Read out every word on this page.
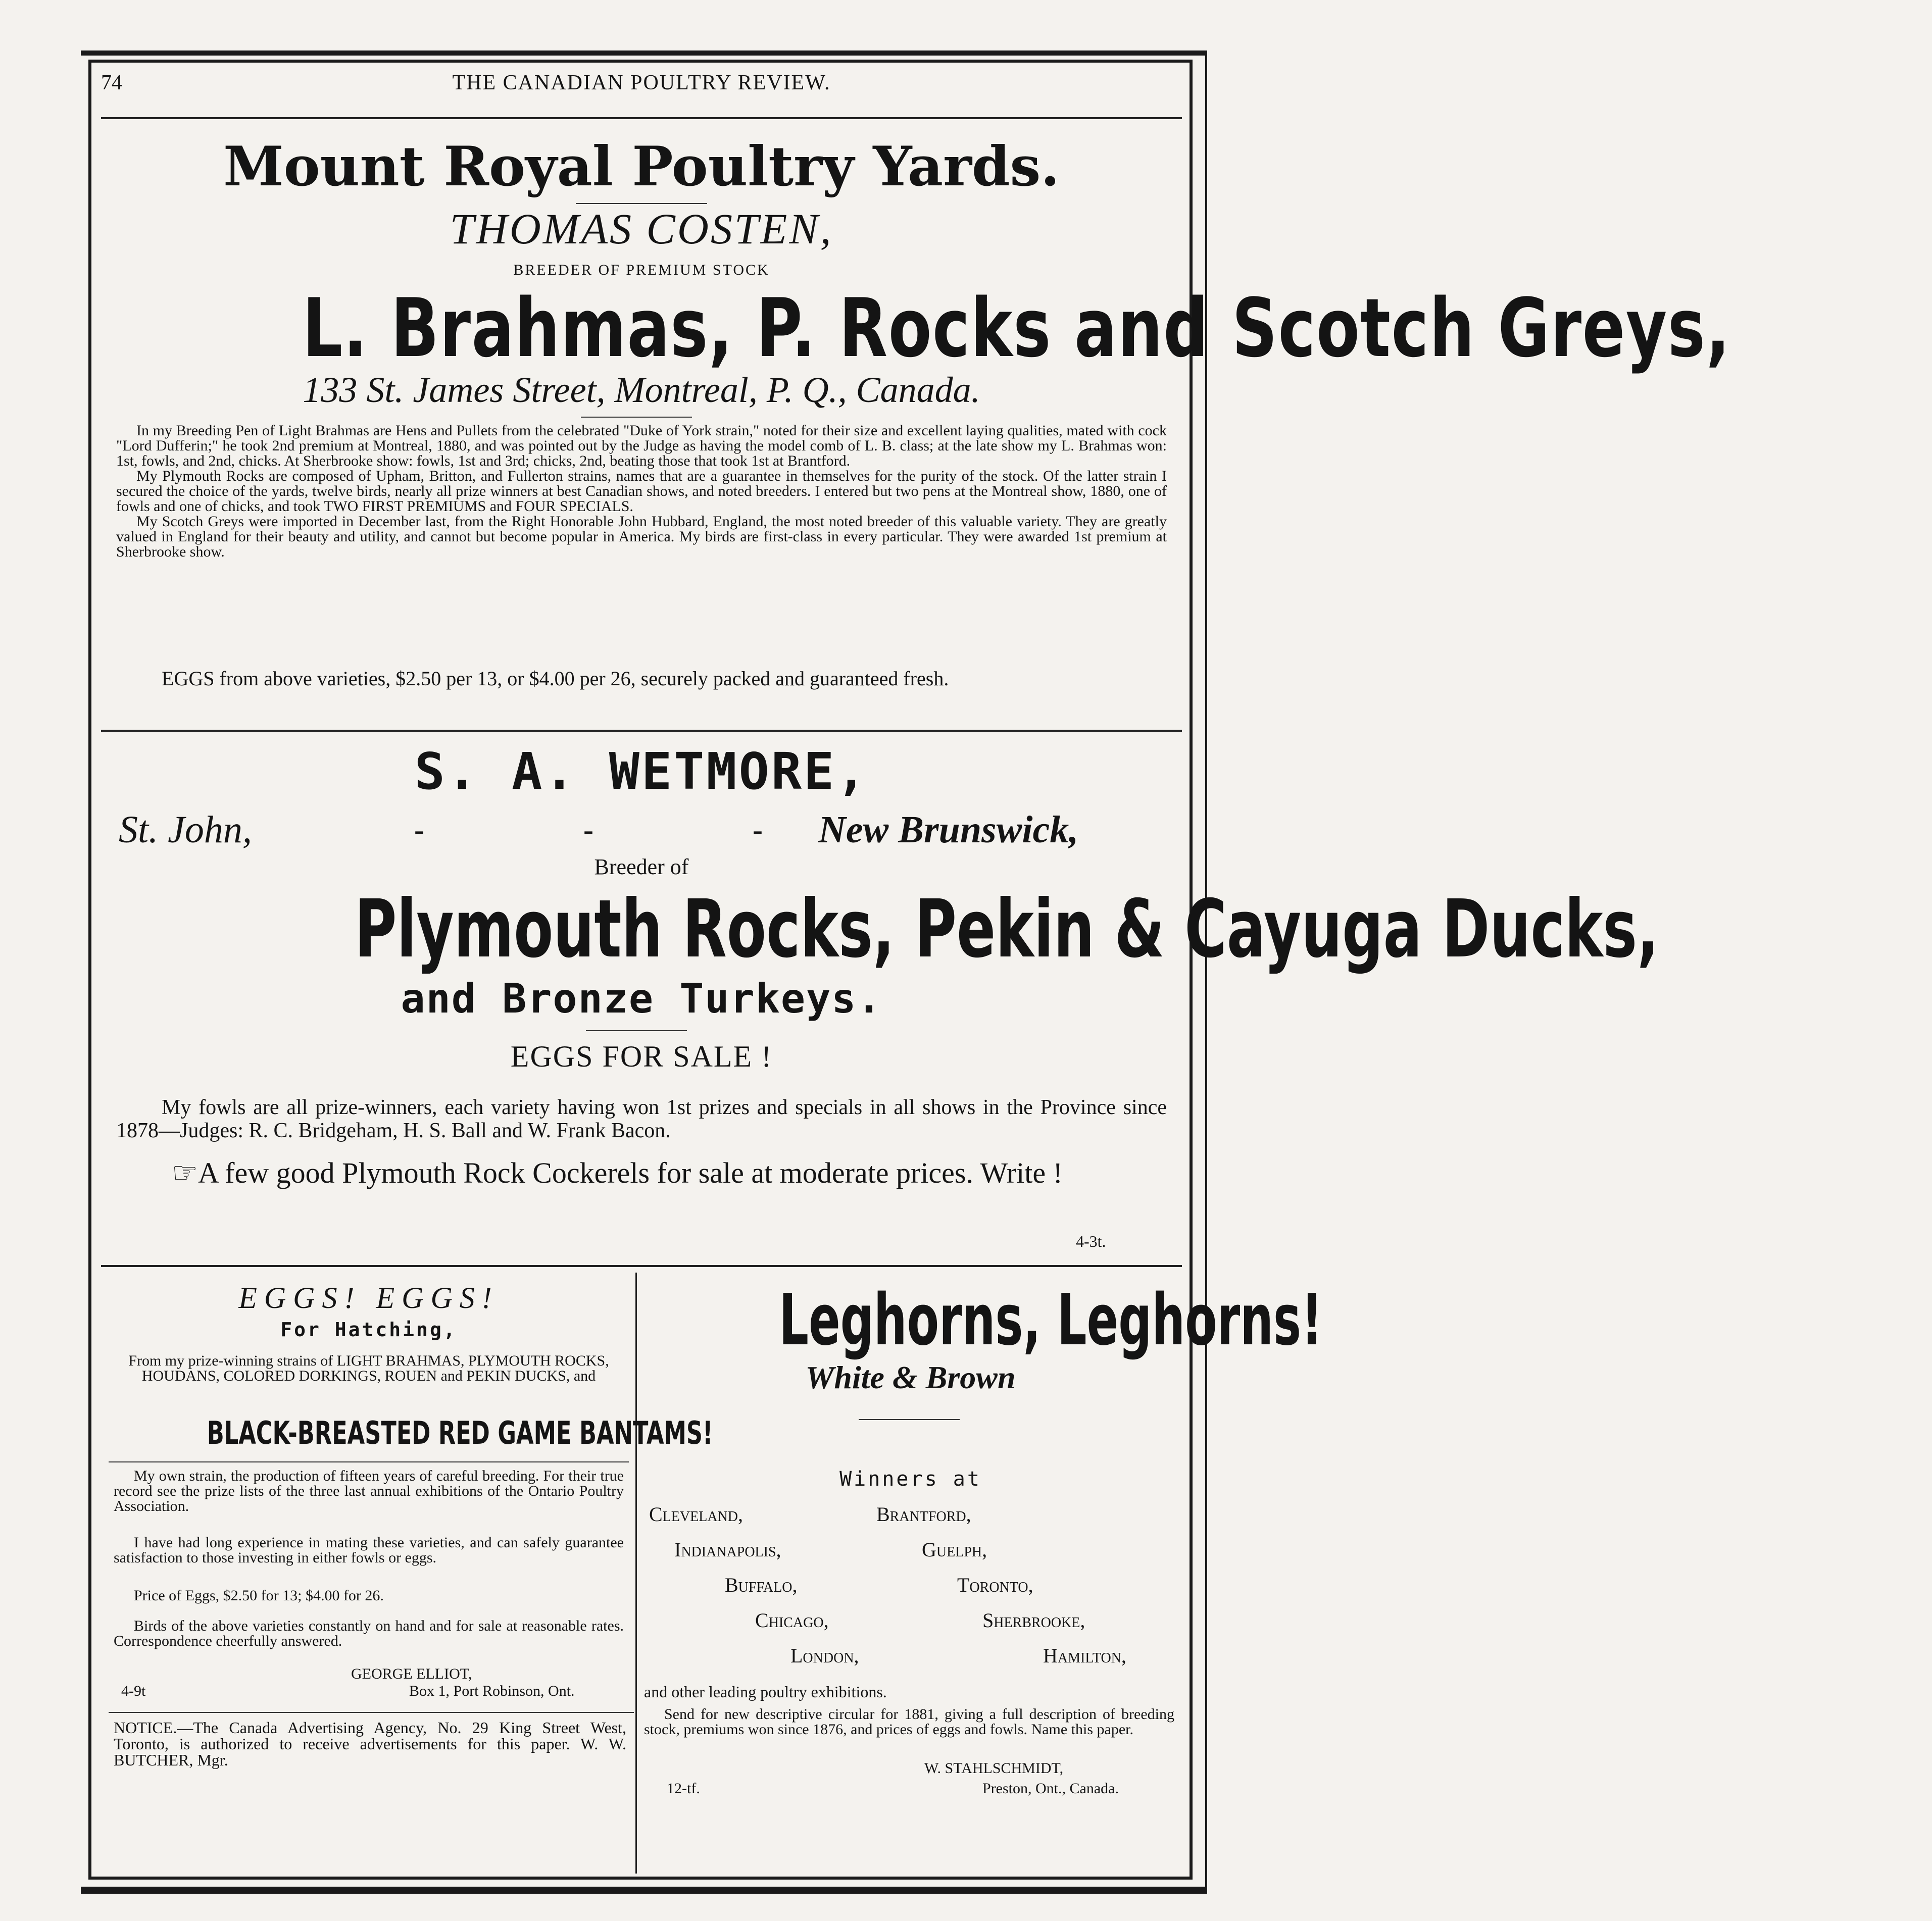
74	THE CANADIAN POULTRY REVIEW.
Mount Royal Poultry Yards.
THOMAS COSTEN,
BREEDER OF PREMIUM STOCK
L. Brahmas, P. Rocks and Scotch Greys,
133 St. James Street, Montreal, P. Q., Canada.

In my Breeding Pen of Light Brahmas are Hens and Pullets from the celebrated "Duke of York strain," noted for their size and excellent laying qualities, mated with cock "Lord Dufferin;" he took 2nd premium at Montreal, 1880, and was pointed out by the Judge as having the model comb of L. B. class; at the late show my L. Brahmas won: 1st, fowls, and 2nd, chicks. At Sherbrooke show: fowls, 1st and 3rd; chicks, 2nd, beating those that took 1st at Brantford.

My Plymouth Rocks are composed of Upham, Britton, and Fullerton strains, names that are a guarantee in themselves for the purity of the stock. Of the latter strain I secured the choice of the yards, twelve birds, nearly all prize winners at best Canadian shows, and noted breeders. I entered but two pens at the Montreal show, 1880, one of fowls and one of chicks, and took TWO FIRST PREMIUMS and FOUR SPECIALS.

My Scotch Greys were imported in December last, from the Right Honorable John Hubbard, England, the most noted breeder of this valuable variety. They are greatly valued in England for their beauty and utility, and cannot but become popular in America. My birds are first-class in every particular. They were awarded 1st premium at Sherbrooke show.

EGGS from above varieties, $2.50 per 13, or $4.00 per 26, securely packed and guaranteed fresh.
S. A. WETMORE,
St. John,	-     -     - New Brunswick,
Breeder of
Plymouth Rocks, Pekin & Cayuga Ducks,
and Bronze Turkeys.
EGGS FOR SALE !
My fowls are all prize-winners, each variety having won 1st prizes and specials in all shows in the Province since 1878—Judges: R. C. Bridgeham, H. S. Ball and W. Frank Bacon.
☞A few good Plymouth Rock Cockerels for sale at moderate prices. Write !
4-3t.
EGGS! EGGS!
For Hatching,
From my prize-winning strains of LIGHT BRAHMAS, PLYMOUTH ROCKS, HOUDANS, COLORED DORKINGS, ROUEN and PEKIN DUCKS, and
BLACK-BREASTED RED GAME BANTAMS!

My own strain, the production of fifteen years of careful breeding. For their true record see the prize lists of the three last annual exhibitions of the Ontario Poultry Association.

I have had long experience in mating these varieties, and can safely guarantee satisfaction to those investing in either fowls or eggs.

Price of Eggs, $2.50 for 13; $4.00 for 26.

Birds of the above varieties constantly on hand and for sale at reasonable rates. Correspondence cheerfully answered.

GEORGE ELLIOT,
4-9t	Box 1, Port Robinson, Ont.

NOTICE.—The Canada Advertising Agency, No. 29 King Street West, Toronto, is authorized to receive advertisements for this paper. W. W. BUTCHER, Mgr.

Leghorns, Leghorns!
White & Brown
Winners at
Cleveland,	Brantford,
Indianapolis,	Guelph,
Buffalo,	Toronto,
Chicago,	Sherbrooke,
London,	Hamilton,
and other leading poultry exhibitions.

Send for new descriptive circular for 1881, giving a full description of breeding stock, premiums won since 1876, and prices of eggs and fowls. Name this paper.

W. STAHLSCHMIDT,
12-tf.	Preston, Ont., Canada.
